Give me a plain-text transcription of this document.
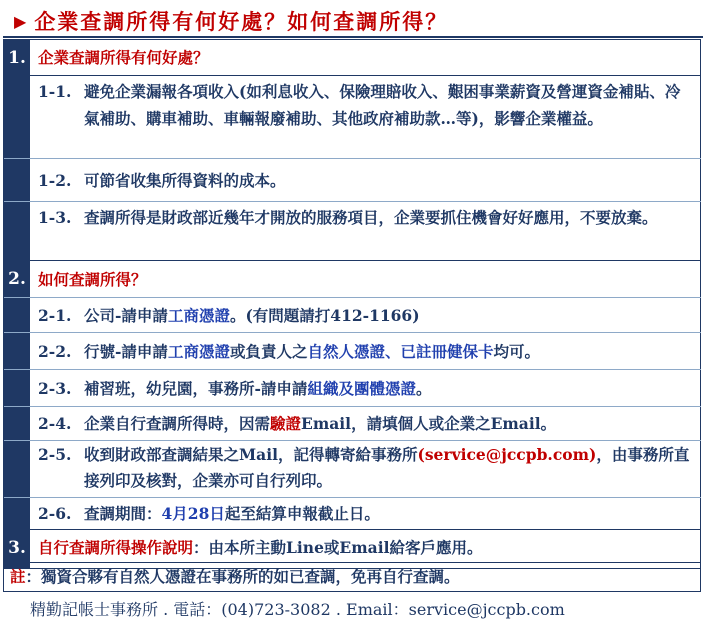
▶ 企業查調所得有何好處？如何查調所得？
1. 企業查調所得有何好處？
1-1. 避免企業漏報各項收入(如利息收入、保險理賠收入、艱困事業薪資及營運資金補貼、冷氣補助、購車補助、車輛報廢補助、其他政府補助款…等)，影響企業權益。
1-2. 可節省收集所得資料的成本。
1-3. 查調所得是財政部近幾年才開放的服務項目，企業要抓住機會好好應用，不要放棄。
2. 如何查調所得？
2-1. 公司-請申請工商憑證。(有問題請打412-1166)
2-2. 行號-請申請工商憑證或負責人之自然人憑證、已註冊健保卡均可。
2-3. 補習班，幼兒園，事務所-請申請組織及團體憑證。
2-4. 企業自行查調所得時，因需驗證Email，請填個人或企業之Email。
2-5. 收到財政部查調結果之Mail，記得轉寄給事務所(service@jccpb.com)，由事務所直接列印及核對，企業亦可自行列印。
2-6. 查調期間：4月28日起至結算申報截止日。
3. 自行查調所得操作說明：由本所主動Line或Email給客戶應用。
註：獨資合夥有自然人憑證在事務所的如已查調，免再自行查調。
精勤記帳士事務所 . 電話：(04)723-3082 . Email：service@jccpb.com
